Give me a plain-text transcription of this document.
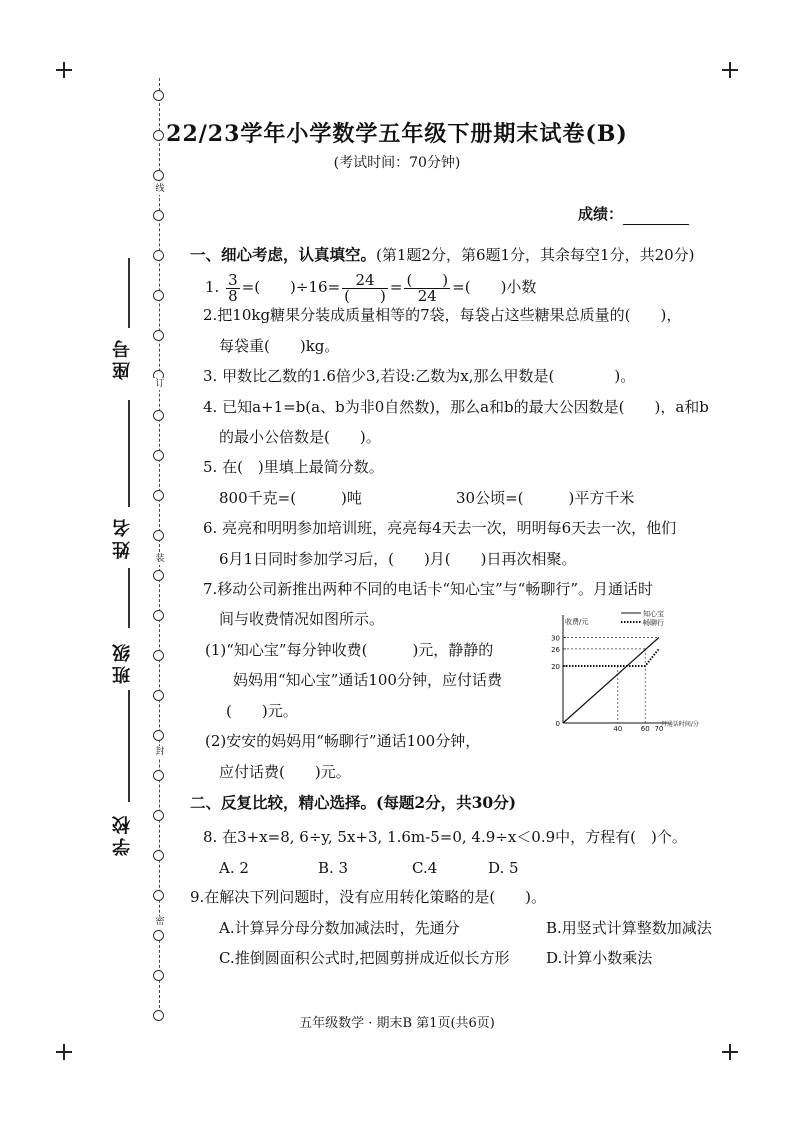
线
订
装
封
密
座号
姓名
班级
学校
22/23学年小学数学五年级下册期末试卷(B)
(考试时间：70分钟)
成绩：
一、细心考虑，认真填空。(第1题2分，第6题1分，其余每空1分，共20分)
1. $\frac{3}{8}$ =(　　)$\div 16= \frac{24}{( )} = \frac{( )}{24}$ =(　　)小数
2.把10kg糖果分装成质量相等的7袋，每袋占这些糖果总质量的(　　)，
每袋重(　　)kg。
3. 甲数比乙数的1.6倍少3,若设:乙数为x,那么甲数是(　　　　)。
4. 已知a+1=b(a、b为非0自然数)，那么a和b的最大公因数是(　　)，a和b
的最小公倍数是(　　)。
5. 在(　)里填上最简分数。
800千克=(　　　)吨	30公顷=(　　　)平方千米
6. 亮亮和明明参加培训班，亮亮每4天去一次，明明每6天去一次，他们
6月1日同时参加学习后，(　　)月(　　)日再次相聚。
7.移动公司新推出两种不同的电话卡“知心宝”与“畅聊行”。月通话时
间与收费情况如图所示。
(1)“知心宝”每分钟收费(　　　)元，静静的
妈妈用“知心宝”通话100分钟，应付话费
(　　)元。
(2)安安的妈妈用“畅聊行”通话100分钟，
应付话费(　　)元。
收费/元
月通话时间/分
30
26
20
0
40	60 70
知心宝
畅聊行
二、反复比较，精心选择。(每题2分，共30分)
8. 在3+x=8, 6÷y, 5x+3, 1.6m-5=0, 4.9÷x＜0.9中，方程有(　)个。
A. 2	B. 3	C.4	D. 5
9.在解决下列问题时，没有应用转化策略的是(　　)。
A.计算异分母分数加减法时，先通分	B.用竖式计算整数加减法
C.推倒圆面积公式时,把圆剪拼成近似长方形 D.计算小数乘法
五年级数学 · 期末B 第1页(共6页)
